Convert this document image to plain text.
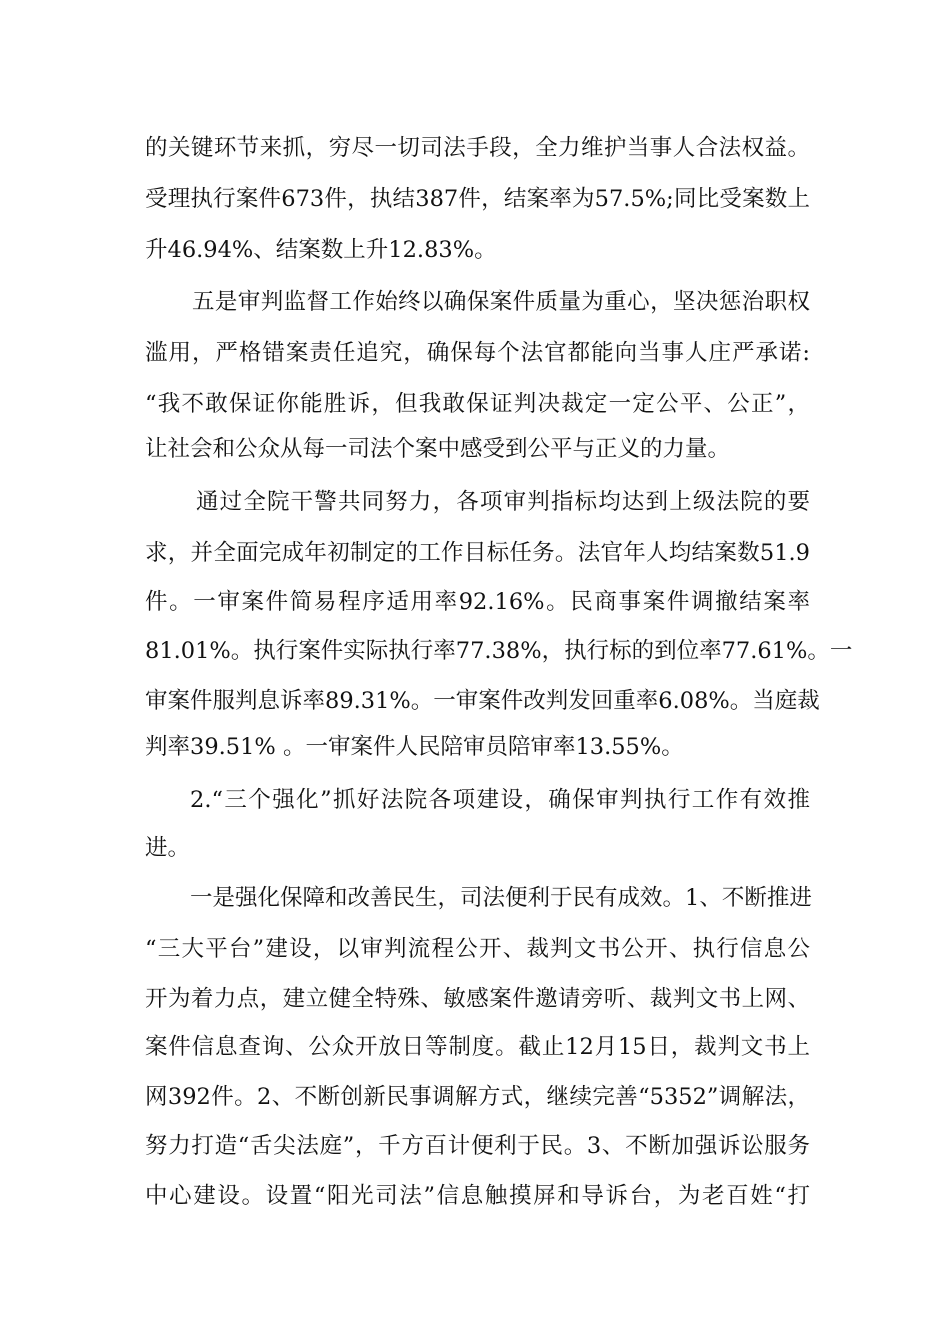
的关键环节来抓，穷尽一切司法手段，全力维护当事人合法权益。
受理执行案件673件，执结387件，结案率为57.5%;同比受案数上
升46.94%、结案数上升12.83%。
五是审判监督工作始终以确保案件质量为重心，坚决惩治职权
滥用，严格错案责任追究，确保每个法官都能向当事人庄严承诺:
“我不敢保证你能胜诉，但我敢保证判决裁定一定公平、公正”，
让社会和公众从每一司法个案中感受到公平与正义的力量。
通过全院干警共同努力，各项审判指标均达到上级法院的要
求，并全面完成年初制定的工作目标任务。法官年人均结案数51.9
件。一审案件简易程序适用率92.16%。民商事案件调撤结案率
81.01%。执行案件实际执行率77.38%，执行标的到位率77.61%。一
审案件服判息诉率89.31%。一审案件改判发回重率6.08%。当庭裁
判率39.51% 。一审案件人民陪审员陪审率13.55%。
2.“三个强化”抓好法院各项建设，确保审判执行工作有效推
进。
一是强化保障和改善民生，司法便利于民有成效。1、不断推进
“三大平台”建设，以审判流程公开、裁判文书公开、执行信息公
开为着力点，建立健全特殊、敏感案件邀请旁听、裁判文书上网、
案件信息查询、公众开放日等制度。截止12月15日，裁判文书上
网392件。2、不断创新民事调解方式，继续完善“5352”调解法，
努力打造“舌尖法庭”，千方百计便利于民。3、不断加强诉讼服务
中心建设。设置“阳光司法”信息触摸屏和导诉台，为老百姓“打
